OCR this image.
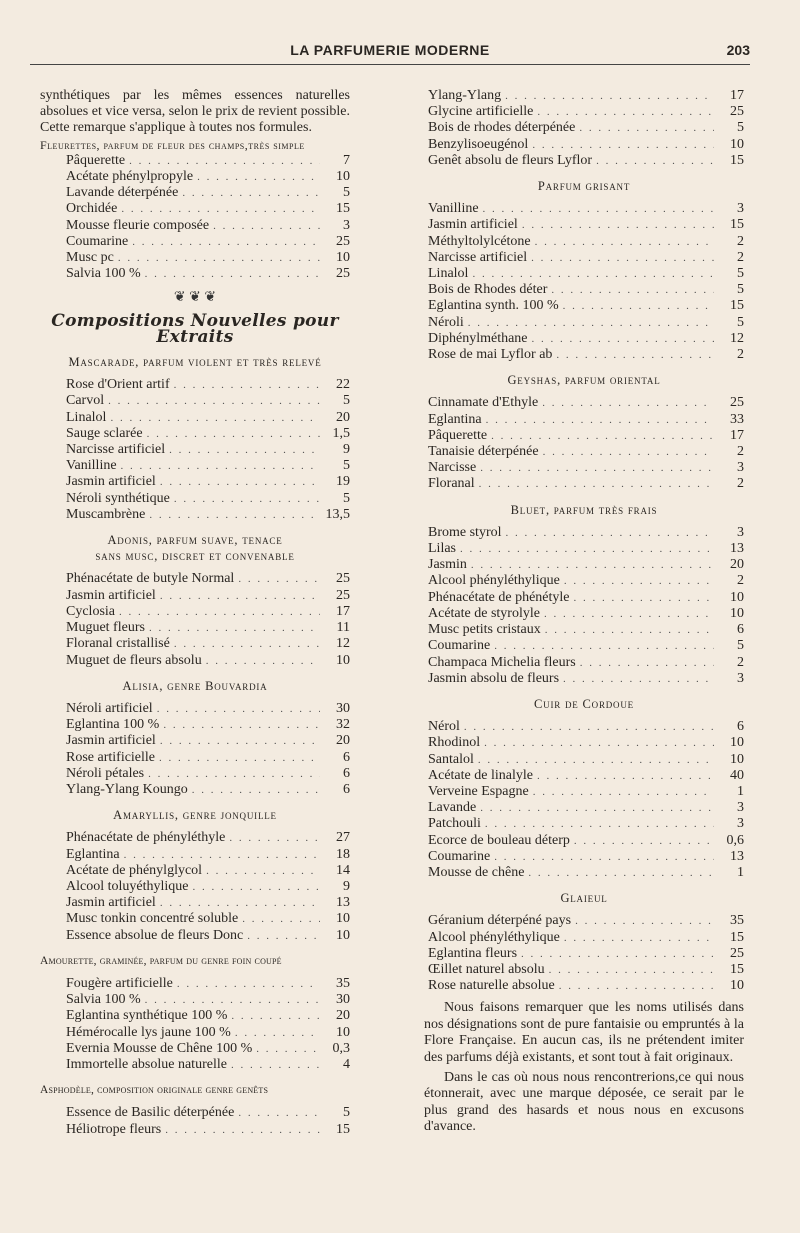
LA PARFUMERIE MODERNE	203

synthétiques par les mêmes essences naturelles absolues et vice versa, selon le prix de revient possible. Cette remarque s'applique à toutes nos formules.

Fleurettes, parfum de fleur des champs,très simple

Pâquerette . . .	7
Acétate phénylpropyle . . .	10
Lavande déterpénée . . .	5
Orchidée . . .	15
Mousse fleurie composée . . .	3
Coumarine . . .	25
Musc pc . . .	10
Salvia 100 % . . .	25
❦ ❦ ❦
Compositions Nouvelles pour Extraits
Mascarade, parfum violent et très relevé
Rose d'Orient artif . . .	22
Carvol . . .	5
Linalol . . .	20
Sauge sclarée . . .	1,5
Narcisse artificiel . . .	9
Vanilline . . .	5
Jasmin artificiel . . .	19
Néroli synthétique . . .	5
Muscambrène . . .	13,5
Adonis, parfum suave, tenace
sans musc, discret et convenable
Phénacétate de butyle Normal . . .	25
Jasmin artificiel . . .	25
Cyclosia . . .	17
Muguet fleurs . . .	11
Floranal cristallisé . . .	12
Muguet de fleurs absolu . . .	10
Alisia, genre Bouvardia
Néroli artificiel . . .	30
Eglantina 100 % . . .	32
Jasmin artificiel . . .	20
Rose artificielle . . .	6
Néroli pétales . . .	6
Ylang-Ylang Koungo . . .	6
Amaryllis, genre jonquille
Phénacétate de phényléthyle . . .	27
Eglantina . . .	18
Acétate de phénylglycol . . .	14
Alcool toluyéthylique . . .	9
Jasmin artificiel . . .	13
Musc tonkin concentré soluble . . .	10
Essence absolue de fleurs Donc . . .	10
Amourette, graminée, parfum du genre foin coupé
Fougère artificielle . . .	35
Salvia 100 % . . .	30
Eglantina synthétique 100 % . . .	20
Hémérocalle lys jaune 100 % . . .	10
Evernia Mousse de Chêne 100 % . . .	0,3
Immortelle absolue naturelle . . .	4
Asphodèle, composition originale genre genêts
Essence de Basilic déterpénée . . .	5
Héliotrope fleurs . . .	15
Ylang-Ylang . . .	17
Glycine artificielle . . .	25
Bois de rhodes déterpénée . . .	5
Benzylisoeugénol . . .	10
Genêt absolu de fleurs Lyflor . . .	15
Parfum grisant
Vanilline . . .	3
Jasmin artificiel . . .	15
Méthyltolylcétone . . .	2
Narcisse artificiel . . .	2
Linalol . . .	5
Bois de Rhodes déter . . .	5
Eglantina synth. 100 % . . .	15
Néroli . . .	5
Diphénylméthane . . .	12
Rose de mai Lyflor ab . . .	2
Geyshas, parfum oriental
Cinnamate d'Ethyle . . .	25
Eglantina . . .	33
Pâquerette . . .	17
Tanaisie déterpénée . . .	2
Narcisse . . .	3
Floranal . . .	2
Bluet, parfum très frais
Brome styrol . . .	3
Lilas . . .	13
Jasmin . . .	20
Alcool phényléthylique . . .	2
Phénacétate de phénétyle . . .	10
Acétate de styrolyle . . .	10
Musc petits cristaux . . .	6
Coumarine . . .	5
Champaca Michelia fleurs . . .	2
Jasmin absolu de fleurs . . .	3
Cuir de Cordoue
Nérol . . .	6
Rhodinol . . .	10
Santalol . . .	10
Acétate de linalyle . . .	40
Verveine Espagne . . .	1
Lavande . . .	3
Patchouli . . .	3
Ecorce de bouleau déterp . . .	0,6
Coumarine . . .	13
Mousse de chêne . . .	1
Glaieul
Géranium déterpéné pays . . .	35
Alcool phényléthylique . . .	15
Eglantina fleurs . . .	25
Œillet naturel absolu . . .	15
Rose naturelle absolue . . .	10

Nous faisons remarquer que les noms utilisés dans nos désignations sont de pure fantaisie ou empruntés à la Flore Française. En aucun cas, ils ne prétendent imiter des parfums déjà existants, et sont tout à fait originaux.

Dans le cas où nous nous rencontrerions,ce qui nous étonnerait, avec une marque déposée, ce serait par le plus grand des hasards et nous nous en excusons d'avance.
